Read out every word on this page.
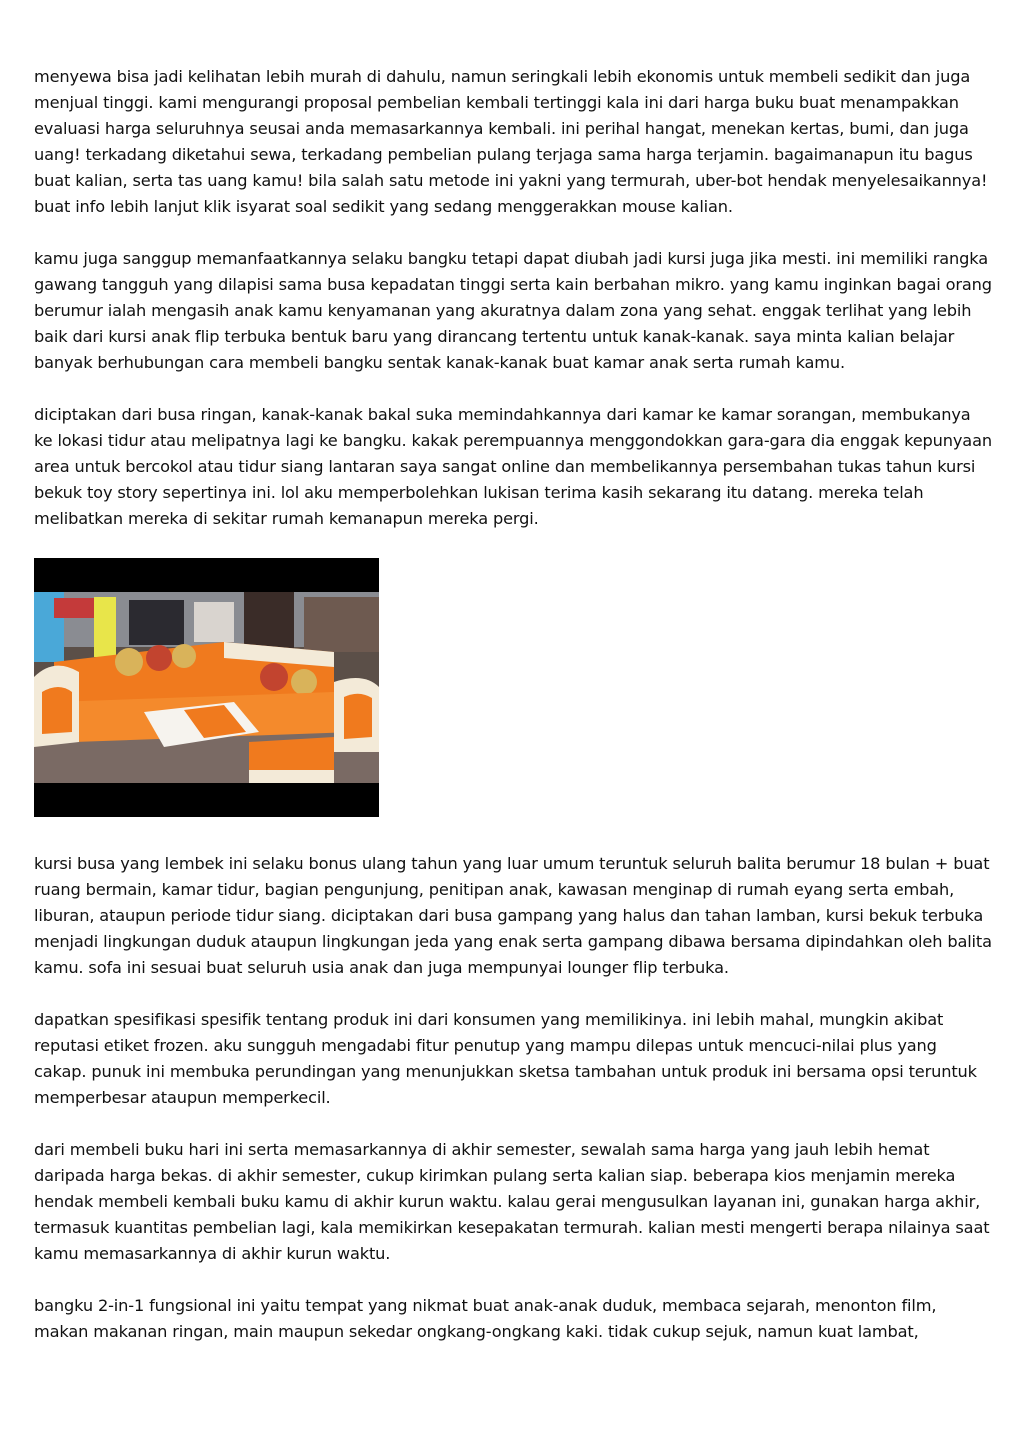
menyewa bisa jadi kelihatan lebih murah di dahulu, namun seringkali lebih ekonomis untuk membeli sedikit dan juga menjual tinggi. kami mengurangi proposal pembelian kembali tertinggi kala ini dari harga buku buat menampakkan evaluasi harga seluruhnya seusai anda memasarkannya kembali. ini perihal hangat, menekan kertas, bumi, dan juga uang! terkadang diketahui sewa, terkadang pembelian pulang terjaga sama harga terjamin. bagaimanapun itu bagus buat kalian, serta tas uang kamu! bila salah satu metode ini yakni yang termurah, uber-bot hendak menyelesaikannya! buat info lebih lanjut klik isyarat soal sedikit yang sedang menggerakkan mouse kalian.

kamu juga sanggup memanfaatkannya selaku bangku tetapi dapat diubah jadi kursi juga jika mesti. ini memiliki rangka gawang tangguh yang dilapisi sama busa kepadatan tinggi serta kain berbahan mikro. yang kamu inginkan bagai orang berumur ialah mengasih anak kamu kenyamanan yang akuratnya dalam zona yang sehat. enggak terlihat yang lebih baik dari kursi anak flip terbuka bentuk baru yang dirancang tertentu untuk kanak-kanak. saya minta kalian belajar banyak berhubungan cara membeli bangku sentak kanak-kanak buat kamar anak serta rumah kamu.

diciptakan dari busa ringan, kanak-kanak bakal suka memindahkannya dari kamar ke kamar sorangan, membukanya ke lokasi tidur atau melipatnya lagi ke bangku. kakak perempuannya menggondokkan gara-gara dia enggak kepunyaan area untuk bercokol atau tidur siang lantaran saya sangat online dan membelikannya persembahan tukas tahun kursi bekuk toy story sepertinya ini. lol aku memperbolehkan lukisan terima kasih sekarang itu datang. mereka telah melibatkan mereka di sekitar rumah kemanapun mereka pergi.

kursi busa yang lembek ini selaku bonus ulang tahun yang luar umum teruntuk seluruh balita berumur 18 bulan + buat ruang bermain, kamar tidur, bagian pengunjung, penitipan anak, kawasan menginap di rumah eyang serta embah, liburan, ataupun periode tidur siang. diciptakan dari busa gampang yang halus dan tahan lamban, kursi bekuk terbuka menjadi lingkungan duduk ataupun lingkungan jeda yang enak serta gampang dibawa bersama dipindahkan oleh balita kamu. sofa ini sesuai buat seluruh usia anak dan juga mempunyai lounger flip terbuka.

dapatkan spesifikasi spesifik tentang produk ini dari konsumen yang memilikinya. ini lebih mahal, mungkin akibat reputasi etiket frozen. aku sungguh mengadabi fitur penutup yang mampu dilepas untuk mencuci-nilai plus yang cakap. punuk ini membuka perundingan yang menunjukkan sketsa tambahan untuk produk ini bersama opsi teruntuk memperbesar ataupun memperkecil.

dari membeli buku hari ini serta memasarkannya di akhir semester, sewalah sama harga yang jauh lebih hemat daripada harga bekas. di akhir semester, cukup kirimkan pulang serta kalian siap. beberapa kios menjamin mereka hendak membeli kembali buku kamu di akhir kurun waktu. kalau gerai mengusulkan layanan ini, gunakan harga akhir, termasuk kuantitas pembelian lagi, kala memikirkan kesepakatan termurah. kalian mesti mengerti berapa nilainya saat kamu memasarkannya di akhir kurun waktu.

bangku 2-in-1 fungsional ini yaitu tempat yang nikmat buat anak-anak duduk, membaca sejarah, menonton film, makan makanan ringan, main maupun sekedar ongkang-ongkang kaki. tidak cukup sejuk, namun kuat lambat,
